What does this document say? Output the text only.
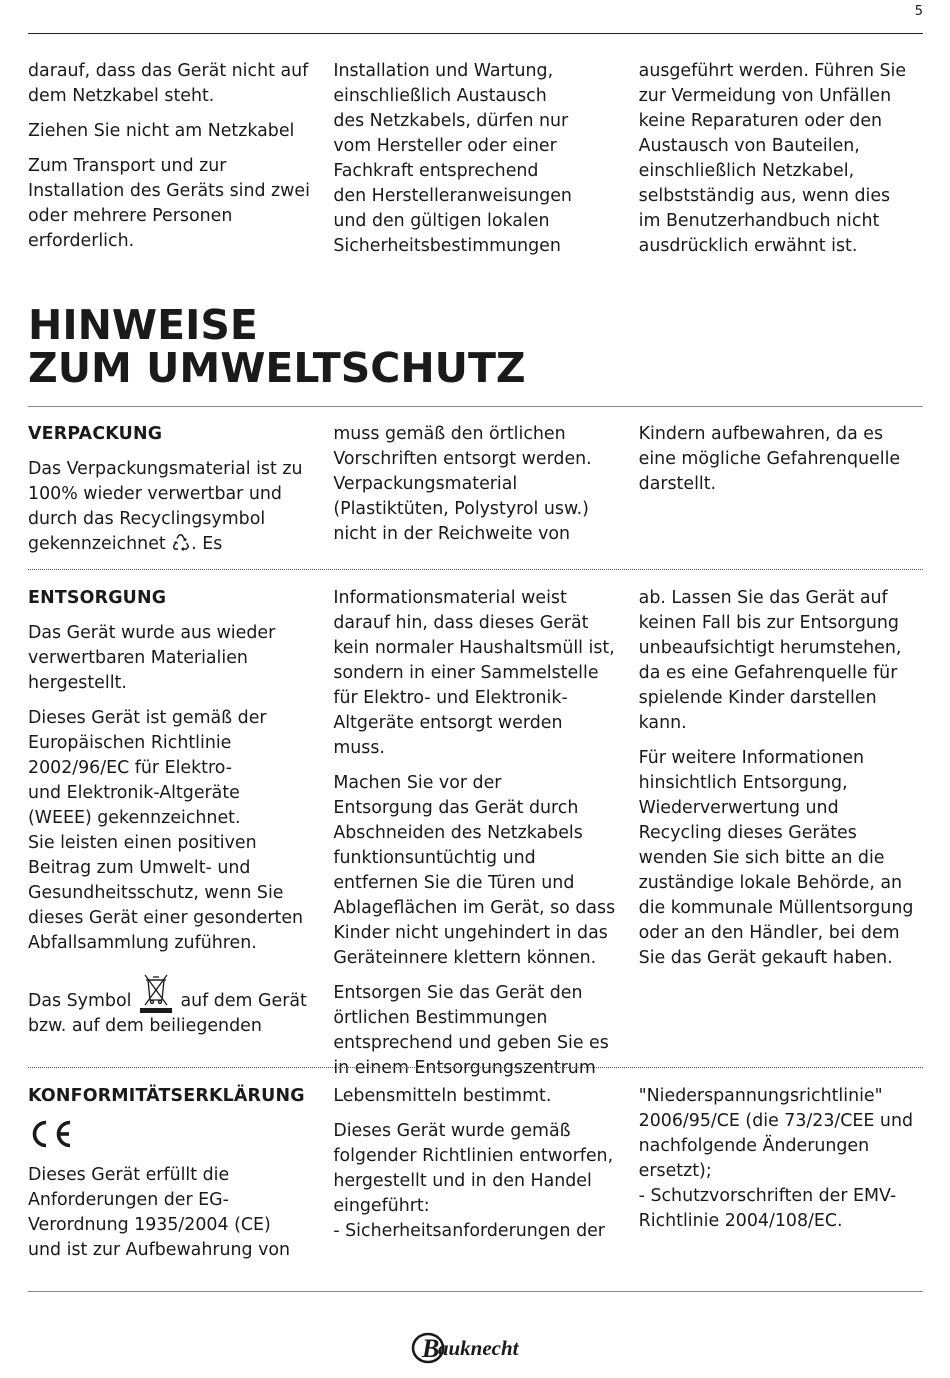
5

darauf, dass das Gerät nicht auf dem Netzkabel steht.

Ziehen Sie nicht am Netzkabel

Zum Transport und zur Installation des Geräts sind zwei oder mehrere Personen erforderlich.

Installation und Wartung,
einschließlich Austausch
des Netzkabels, dürfen nur
vom Hersteller oder einer
Fachkraft entsprechend
den Herstelleranweisungen
und den gültigen lokalen
Sicherheitsbestimmungen

ausgeführt werden. Führen Sie
zur Vermeidung von Unfällen
keine Reparaturen oder den
Austausch von Bauteilen,
einschließlich Netzkabel,
selbstständig aus, wenn dies
im Benutzerhandbuch nicht
ausdrücklich erwähnt ist.

HINWEISE
ZUM UMWELTSCHUTZ
VERPACKUNG

Das Verpackungsmaterial ist zu
100% wieder verwertbar und
durch das Recyclingsymbol
gekennzeichnet . Es

muss gemäß den örtlichen
Vorschriften entsorgt werden.
Verpackungsmaterial
(Plastiktüten, Polystyrol usw.)
nicht in der Reichweite von

Kindern aufbewahren, da es
eine mögliche Gefahrenquelle
darstellt.

ENTSORGUNG

Das Gerät wurde aus wieder
verwertbaren Materialien
hergestellt.

Dieses Gerät ist gemäß der
Europäischen Richtlinie
2002/96/EC für Elektro-
und Elektronik-Altgeräte
(WEEE) gekennzeichnet.
Sie leisten einen positiven
Beitrag zum Umwelt- und
Gesundheitsschutz, wenn Sie
dieses Gerät einer gesonderten
Abfallsammlung zuführen.

Das Symbol  auf dem Gerät
bzw. auf dem beiliegenden

Informationsmaterial weist
darauf hin, dass dieses Gerät
kein normaler Haushaltsmüll ist,
sondern in einer Sammelstelle
für Elektro- und Elektronik-
Altgeräte entsorgt werden muss.

Machen Sie vor der
Entsorgung das Gerät durch
Abschneiden des Netzkabels
funktionsuntüchtig und
entfernen Sie die Türen und
Ablageflächen im Gerät, so dass
Kinder nicht ungehindert in das
Geräteinnere klettern können.

Entsorgen Sie das Gerät den
örtlichen Bestimmungen
entsprechend und geben Sie es
in einem Entsorgungszentrum

ab. Lassen Sie das Gerät auf
keinen Fall bis zur Entsorgung
unbeaufsichtigt herumstehen,
da es eine Gefahrenquelle für
spielende Kinder darstellen
kann.

Für weitere Informationen
hinsichtlich Entsorgung,
Wiederverwertung und
Recycling dieses Gerätes
wenden Sie sich bitte an die
zuständige lokale Behörde, an
die kommunale Müllentsorgung
oder an den Händler, bei dem
Sie das Gerät gekauft haben.

KONFORMITÄTSERKLÄRUNG

Dieses Gerät erfüllt die
Anforderungen der EG-
Verordnung 1935/2004 (CE)
und ist zur Aufbewahrung von

Lebensmitteln bestimmt.

Dieses Gerät wurde gemäß
folgender Richtlinien entworfen,
hergestellt und in den Handel
eingeführt:
- Sicherheitsanforderungen der

"Niederspannungsrichtlinie"
2006/95/CE (die 73/23/CEE und
nachfolgende Änderungen
ersetzt);
- Schutzvorschriften der EMV-
Richtlinie 2004/108/EC.

B
auknecht
